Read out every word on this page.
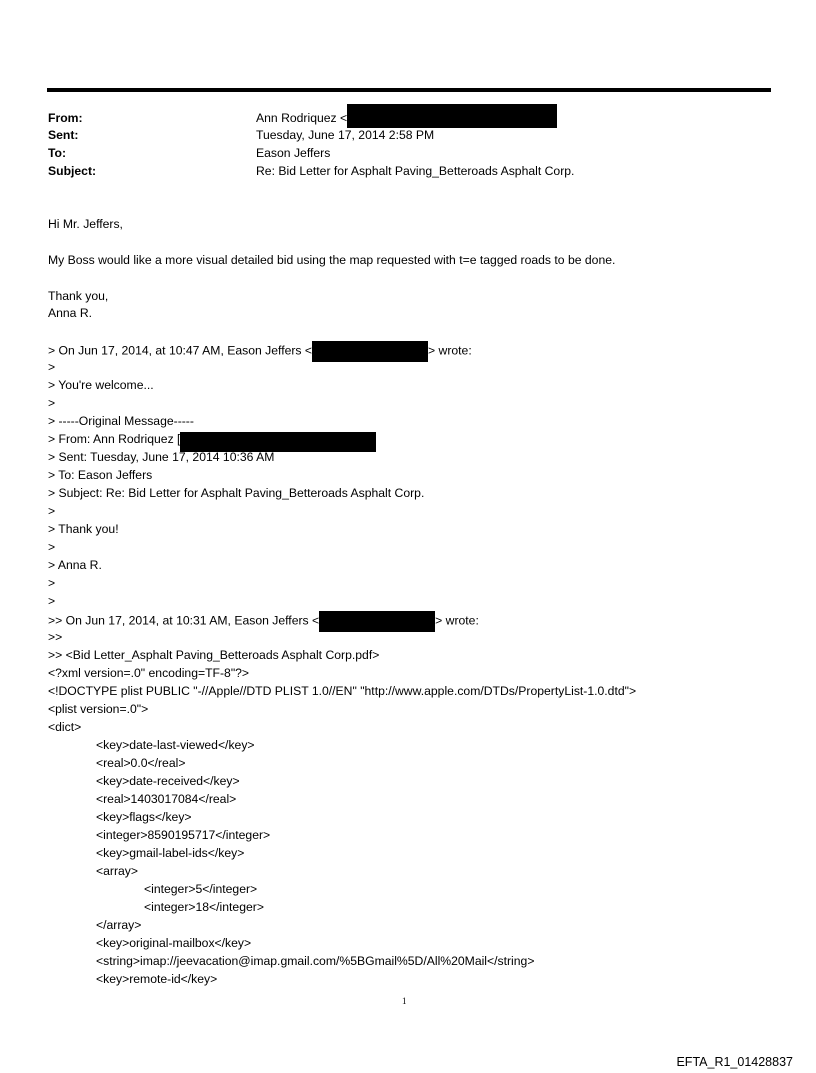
From:	Ann Rodriquez <
Sent:	Tuesday, June 17, 2014 2:58 PM
To:	Eason Jeffers
Subject:	Re: Bid Letter for Asphalt Paving_Betteroads Asphalt Corp.
Hi Mr. Jeffers,
My Boss would like a more visual detailed bid using the map requested with t=e tagged roads to be done.
Thank you,
Anna R.
> On Jun 17, 2014, at 10:47 AM, Eason Jeffers <	> wrote:
>
> You're welcome...
>
> -----Original Message-----
> From: Ann Rodriquez [
> Sent: Tuesday, June 17, 2014 10:36 AM
> To: Eason Jeffers
> Subject: Re: Bid Letter for Asphalt Paving_Betteroads Asphalt Corp.
>
> Thank you!
>
> Anna R.
>
>
>> On Jun 17, 2014, at 10:31 AM, Eason Jeffers <	> wrote:
>>
>> <Bid Letter_Asphalt Paving_Betteroads Asphalt Corp.pdf>
<?xml version=.0" encoding=TF-8"?>
<!DOCTYPE plist PUBLIC "-//Apple//DTD PLIST 1.0//EN" "http://www.apple.com/DTDs/PropertyList-1.0.dtd">
<plist version=.0">
<dict>
<key>date-last-viewed</key>
<real>0.0</real>
<key>date-received</key>
<real>1403017084</real>
<key>flags</key>
<integer>8590195717</integer>
<key>gmail-label-ids</key>
<array>
<integer>5</integer>
<integer>18</integer>
</array>
<key>original-mailbox</key>
<string>imap://jeevacation@imap.gmail.com/%5BGmail%5D/All%20Mail</string>
<key>remote-id</key>
1
EFTA_R1_01428837
